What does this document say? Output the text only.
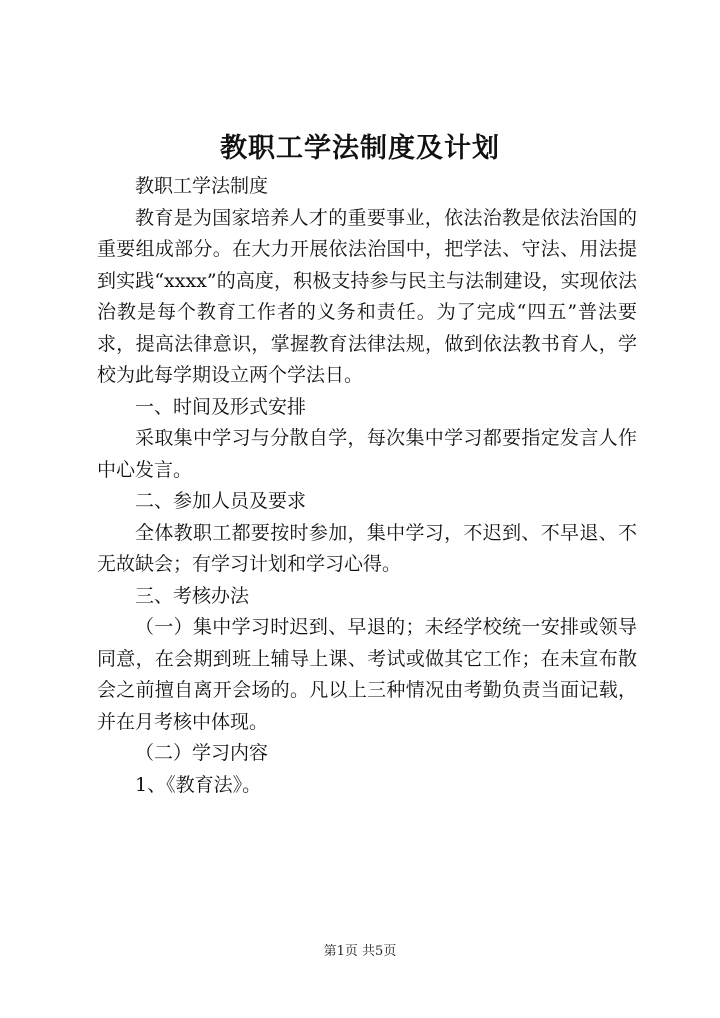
教职工学法制度及计划

教职工学法制度

教育是为国家培养人才的重要事业，依法治教是依法治国的重要组成部分。在大力开展依法治国中，把学法、守法、用法提到实践“xxxx”的高度，积极支持参与民主与法制建设，实现依法治教是每个教育工作者的义务和责任。为了完成“四五”普法要求，提高法律意识，掌握教育法律法规，做到依法教书育人，学校为此每学期设立两个学法日。

一、时间及形式安排

采取集中学习与分散自学，每次集中学习都要指定发言人作中心发言。

二、参加人员及要求

全体教职工都要按时参加，集中学习，不迟到、不早退、不无故缺会；有学习计划和学习心得。

三、考核办法

（一）集中学习时迟到、早退的；未经学校统一安排或领导同意，在会期到班上辅导上课、考试或做其它工作；在未宣布散会之前擅自离开会场的。凡以上三种情况由考勤负责当面记载，并在月考核中体现。

（二）学习内容

1、《教育法》。

第1页 共5页
